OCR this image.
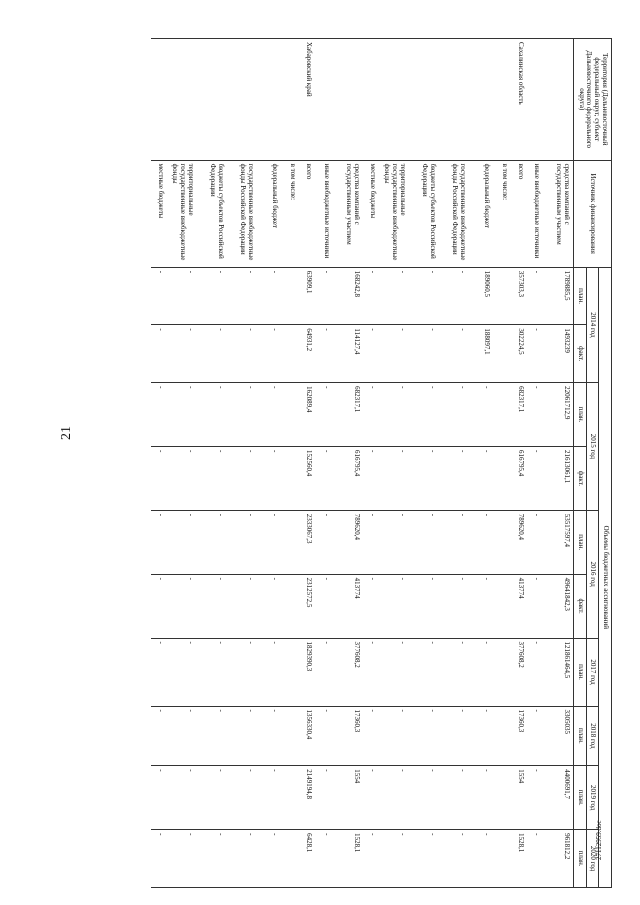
21
Территория (Дальневосточный федеральный округ, субъект Дальневосточного федерального округа)	Источник финансирования	Объемы бюджетных ассигнований									
		2014 год		2015 год		2016 год		2017 год	2018 год	2019 год	2020 год
		план.	факт.	план.	факт.	план.	факт.	план.	план.	план.	план.
	средства компаний с государственным участием	1789885,5	1493239	22061712,9	21613061,1	53517597,4	49641842,3	121861464,5	3305035	4400691,7	961812,2
	иные внебюджетные источники	-	-	-	-	-	-	-	-	-	-
Сахалинская область	всего	357303,3	302224,5	682317,1	616795,4	789620,4	413774	377608,2	17360,3	1554	1528,1
	в том числе:										
	федеральный бюджет	189060,5	188097,1	-	-	-	-	-	-	-	-
	государственные внебюджетные фонды Российской Федерации	-	-	-	-	-	-	-	-	-	-
	бюджеты субъектов Российской Федерации	-	-	-	-	-	-	-	-	-	-
	территориальные государственные внебюджетные фонды	-	-	-	-	-	-	-	-	-	-
	местные бюджеты	-	-	-	-	-	-	-	-	-	-
	средства компаний с государственным участием	168242,8	114127,4	682317,1	616795,4	789620,4	413774	377608,2	17360,3	1554	1528,1
	иные внебюджетные источники	-	-	-	-	-	-	-	-	-	-
Хабаровский край	всего	63909,1	64931,2	162089,4	152560,4	2333067,3	2312572,5	1829390,3	1356330,4	2149194,8	6428,1
	в том числе:										
	федеральный бюджет	-	-	-	-	-	-	-	-	-	-
	государственные внебюджетные фонды Российской Федерации	-	-	-	-	-	-	-	-	-	-
	бюджеты субъектов Российской Федерации	-	-	-	-	-	-	-	-	-	-
	территориальные государственные внебюджетные фонды	-	-	-	-	-	-	-	-	-	-
	местные бюджеты	-	-	-	-	-	-	-	-	-	-	27112959.doc
